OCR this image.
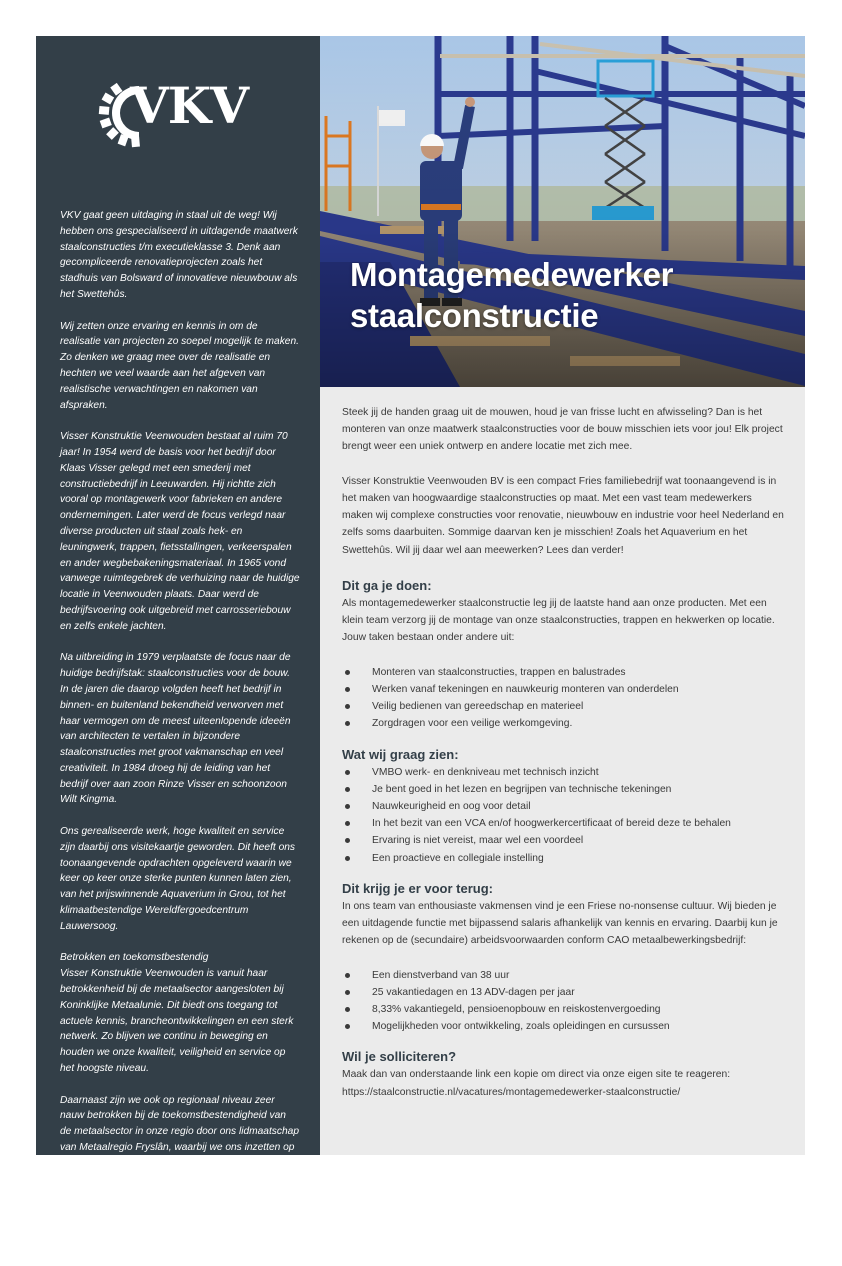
VKV

VKV gaat geen uitdaging in staal uit de weg! Wij hebben ons gespecialiseerd in uitdagende maatwerk staalconstructies t/m executieklasse 3. Denk aan gecompliceerde renovatieprojecten zoals het stadhuis van Bolsward of innovatieve nieuwbouw als het Swettehûs.

Wij zetten onze ervaring en kennis in om de realisatie van projecten zo soepel mogelijk te maken. Zo denken we graag mee over de realisatie en hechten we veel waarde aan het afgeven van realistische verwachtingen en nakomen van afspraken.

Visser Konstruktie Veenwouden bestaat al ruim 70 jaar! In 1954 werd de basis voor het bedrijf door Klaas Visser gelegd met een smederij met constructiebedrijf in Leeuwarden. Hij richtte zich vooral op montagewerk voor fabrieken en andere ondernemingen. Later werd de focus verlegd naar diverse producten uit staal zoals hek- en leuningwerk, trappen, fietsstallingen, verkeerspalen en ander wegbebakeningsmateriaal. In 1965 vond vanwege ruimtegebrek de verhuizing naar de huidige locatie in Veenwouden plaats. Daar werd de bedrijfsvoering ook uitgebreid met carrosseriebouw en zelfs enkele jachten.

Na uitbreiding in 1979 verplaatste de focus naar de huidige bedrijfstak: staalconstructies voor de bouw. In de jaren die daarop volgden heeft het bedrijf in binnen- en buitenland bekendheid verworven met haar vermogen om de meest uiteenlopende ideeën van architecten te vertalen in bijzondere staalconstructies met groot vakmanschap en veel creativiteit. In 1984 droeg hij de leiding van het bedrijf over aan zoon Rinze Visser en schoonzoon Wilt Kingma.

Ons gerealiseerde werk, hoge kwaliteit en service zijn daarbij ons visitekaartje geworden. Dit heeft ons toonaangevende opdrachten opgeleverd waarin we keer op keer onze sterke punten kunnen laten zien, van het prijswinnende Aquaverium in Grou, tot het klimaatbestendige Wereldfergoedcentrum Lauwersoog.

Betrokken en toekomstbestendig

Visser Konstruktie Veenwouden is vanuit haar betrokkenheid bij de metaalsector aangesloten bij Koninklijke Metaalunie. Dit biedt ons toegang tot actuele kennis, brancheontwikkelingen en een sterk netwerk. Zo blijven we continu in beweging en houden we onze kwaliteit, veiligheid en service op het hoogste niveau.

Daarnaast zijn we ook op regionaal niveau zeer nauw betrokken bij de toekomstbestendigheid van de metaalsector in onze regio door ons lidmaatschap van Metaalregio Fryslân, waarbij we ons inzetten op het promoten van een loopbaan in deze sector onder jongeren.

Tot slot steunen we ook graag lokale clubs en verenigingen in Feanwâlden om onze gemeenschap te steunen.

Montagemedewerker staalconstructie

Steek jij de handen graag uit de mouwen, houd je van frisse lucht en afwisseling? Dan is het monteren van onze maatwerk staalconstructies voor de bouw misschien iets voor jou! Elk project brengt weer een uniek ontwerp en andere locatie met zich mee.

Visser Konstruktie Veenwouden BV is een compact Fries familiebedrijf wat toonaangevend is in het maken van hoogwaardige staalconstructies op maat. Met een vast team medewerkers maken wij complexe constructies voor renovatie, nieuwbouw en industrie voor heel Nederland en zelfs soms daarbuiten. Sommige daarvan ken je misschien! Zoals het Aquaverium en het Swettehûs. Wil jij daar wel aan meewerken? Lees dan verder!

Dit ga je doen:

Als montagemedewerker staalconstructie leg jij de laatste hand aan onze producten. Met een klein team verzorg jij de montage van onze staalconstructies, trappen en hekwerken op locatie. Jouw taken bestaan onder andere uit:

Monteren van staalconstructies, trappen en balustrades
Werken vanaf tekeningen en nauwkeurig monteren van onderdelen
Veilig bedienen van gereedschap en materieel
Zorgdragen voor een veilige werkomgeving.
Wat wij graag zien:
VMBO werk- en denkniveau met technisch inzicht
Je bent goed in het lezen en begrijpen van technische tekeningen
Nauwkeurigheid en oog voor detail
In het bezit van een VCA en/of hoogwerkercertificaat of bereid deze te behalen
Ervaring is niet vereist, maar wel een voordeel
Een proactieve en collegiale instelling
Dit krijg je er voor terug:

In ons team van enthousiaste vakmensen vind je een Friese no-nonsense cultuur. Wij bieden je een uitdagende functie met bijpassend salaris afhankelijk van kennis en ervaring. Daarbij kun je rekenen op de (secundaire) arbeidsvoorwaarden conform CAO metaalbewerkingsbedrijf:

Een dienstverband van 38 uur
25 vakantiedagen en 13 ADV-dagen per jaar
8,33% vakantiegeld, pensioenopbouw en reiskostenvergoeding
Mogelijkheden voor ontwikkeling, zoals opleidingen en cursussen
Wil je solliciteren?
Maak dan van onderstaande link een kopie om direct via onze eigen site te reageren:
https://staalconstructie.nl/vacatures/montagemedewerker-staalconstructie/
